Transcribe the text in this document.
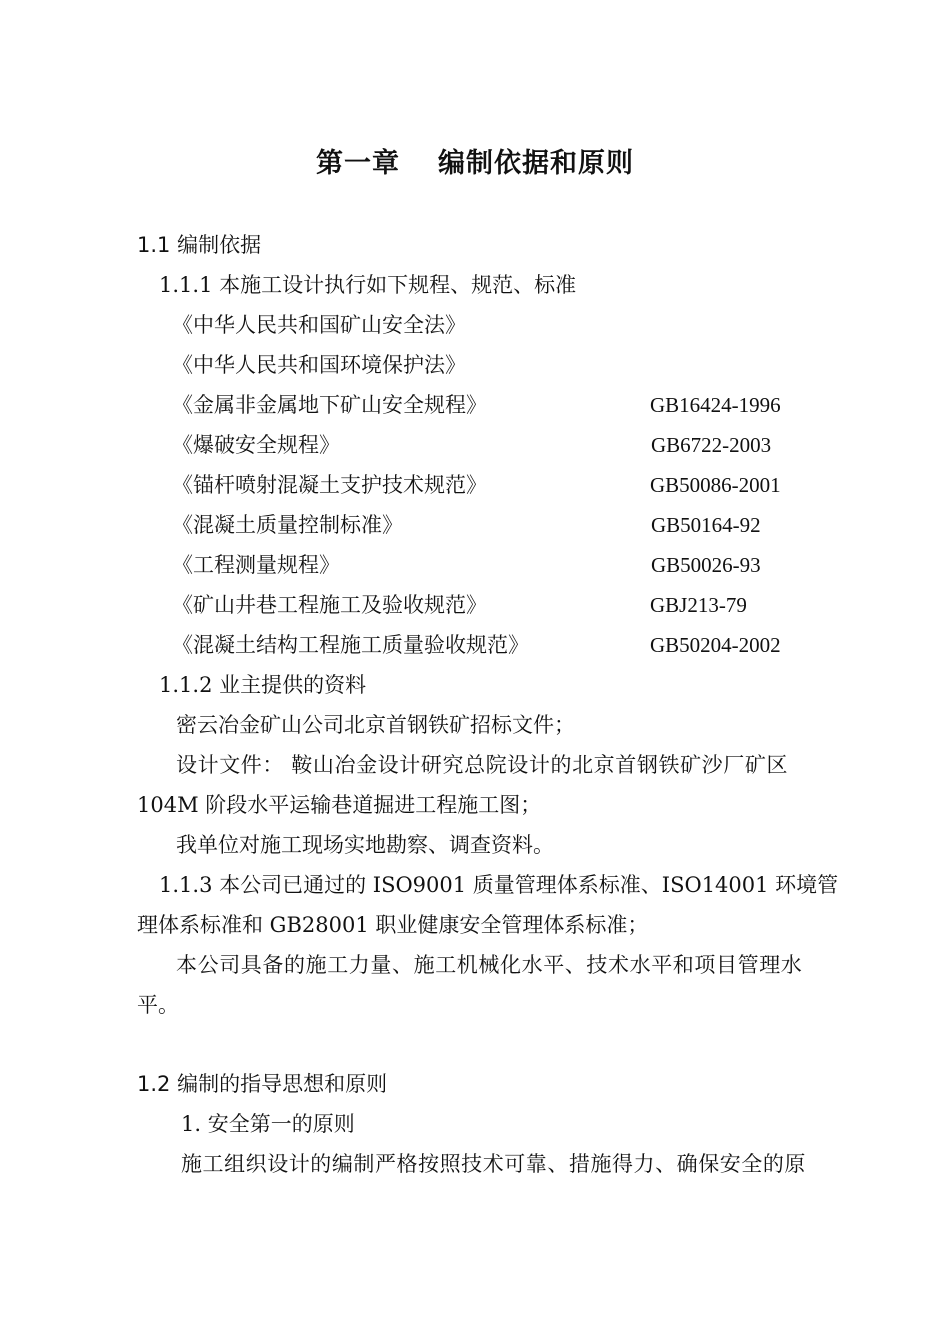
第一章 编制依据和原则
1.1 编制依据
1.1.1 本施工设计执行如下规程、规范、标准
《中华人民共和国矿山安全法》
《中华人民共和国环境保护法》
《金属非金属地下矿山安全规程》	GB16424-1996
《爆破安全规程》	GB6722-2003
《锚杆喷射混凝土支护技术规范》	GB50086-2001
《混凝土质量控制标准》	GB50164-92
《工程测量规程》	GB50026-93
《矿山井巷工程施工及验收规范》	GBJ213-79
《混凝土结构工程施工质量验收规范》	GB50204-2002
1.1.2 业主提供的资料
密云冶金矿山公司北京首钢铁矿招标文件；
设计文件： 鞍山冶金设计研究总院设计的北京首钢铁矿沙厂矿区
104M 阶段水平运输巷道掘进工程施工图；
我单位对施工现场实地勘察、调查资料。
1.1.3 本公司已通过的 ISO9001 质量管理体系标准、ISO14001 环境管
理体系标准和 GB28001 职业健康安全管理体系标准；
本公司具备的施工力量、施工机械化水平、技术水平和项目管理水
平。
1.2 编制的指导思想和原则
1. 安全第一的原则
施工组织设计的编制严格按照技术可靠、措施得力、确保安全的原
